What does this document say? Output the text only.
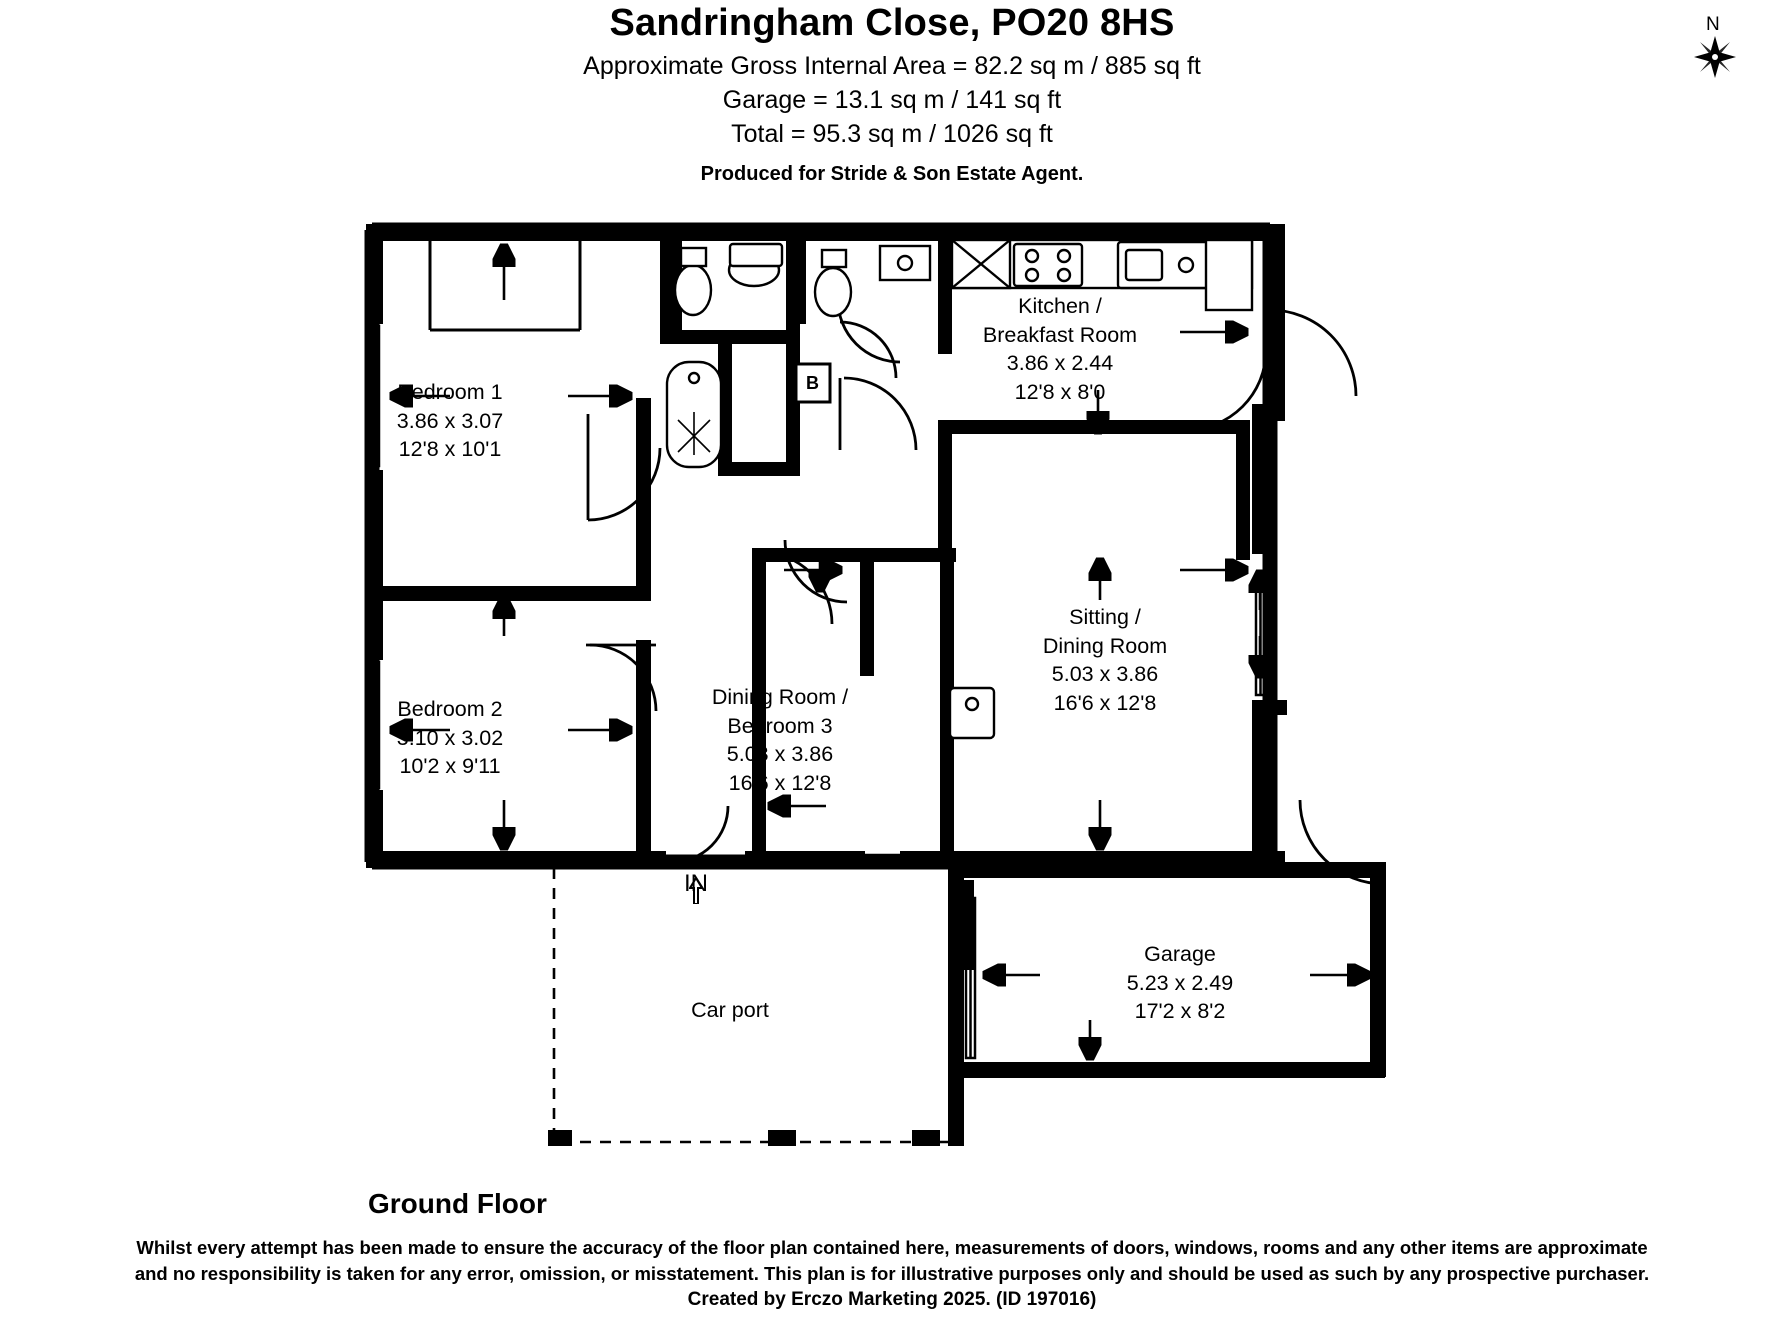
Sandringham Close, PO20 8HS
Approximate Gross Internal Area = 82.2 sq m / 885 sq ft
Garage = 13.1 sq m / 141 sq ft
Total = 95.3 sq m / 1026 sq ft
Produced for Stride & Son Estate Agent.
N
B
Bedroom 1
3.86 x 3.07
12'8 x 10'1
Bedroom 2
3.10 x 3.02
10'2 x 9'11
Kitchen /
Breakfast Room
3.86 x 2.44
12'8 x 8'0
Sitting /
Dining Room
5.03 x 3.86
16'6 x 12'8
Dining Room /
Bedroom 3
5.03 x 3.86
16'6 x 12'8
Garage
5.23 x 2.49
17'2 x 8'2
Car port
IN
Ground Floor
Whilst every attempt has been made to ensure the accuracy of the floor plan contained here, measurements of doors, windows, rooms and any other items are approximate
and no responsibility is taken for any error, omission, or misstatement. This plan is for illustrative purposes only and should be used as such by any prospective purchaser.
Created by Erczo Marketing 2025. (ID 197016)
